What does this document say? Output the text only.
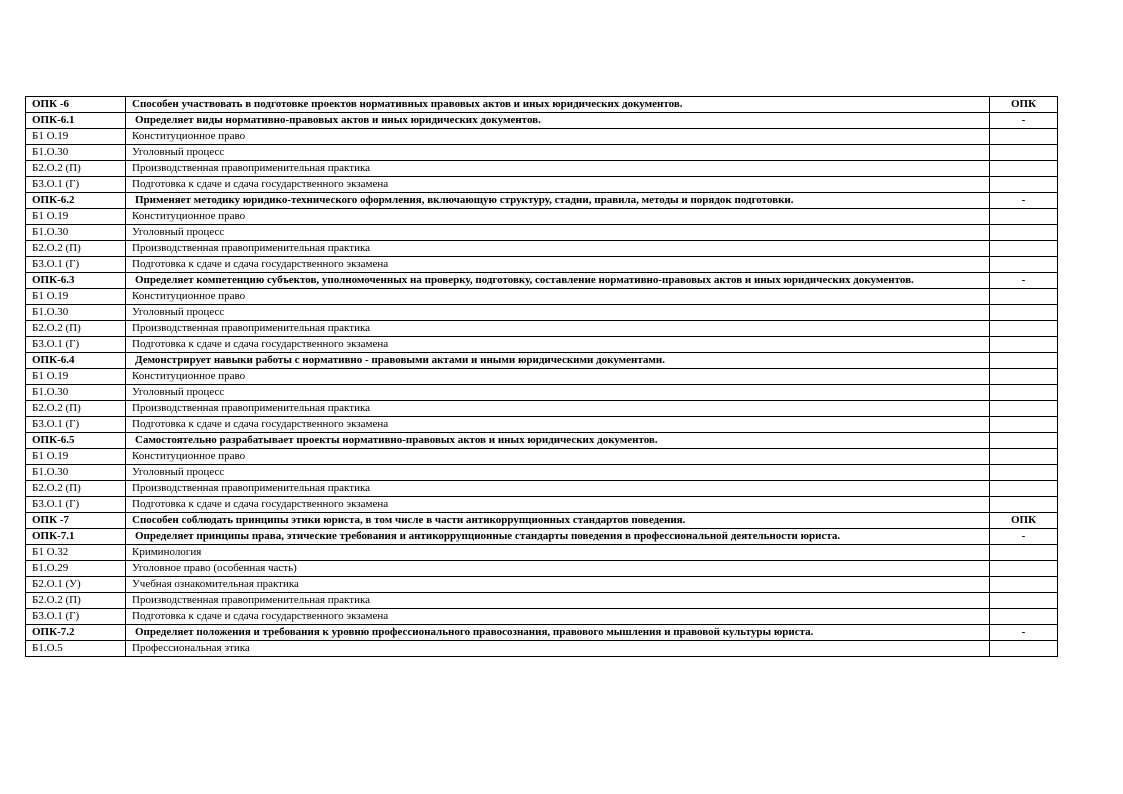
ОПК -6	Способен участвовать в подготовке проектов нормативных правовых актов и иных юридических документов.	ОПК
ОПК-6.1	Определяет виды нормативно-правовых актов и иных юридических документов.	-
Б1 О.19	Конституционное право	
Б1.О.30	Уголовный процесс	
Б2.О.2 (П)	Производственная правоприменительная практика	
Б3.О.1 (Г)	Подготовка к сдаче и сдача государственного экзамена	
ОПК-6.2	Применяет методику юридико-технического оформления, включающую структуру, стадии, правила, методы и порядок подготовки.	-
Б1 О.19	Конституционное право	
Б1.О.30	Уголовный процесс	
Б2.О.2 (П)	Производственная правоприменительная практика	
Б3.О.1 (Г)	Подготовка к сдаче и сдача государственного экзамена	
ОПК-6.3	Определяет компетенцию субъектов, уполномоченных на проверку, подготовку, составление нормативно-правовых актов и иных юридических документов.	-
Б1 О.19	Конституционное право	
Б1.О.30	Уголовный процесс	
Б2.О.2 (П)	Производственная правоприменительная практика	
Б3.О.1 (Г)	Подготовка к сдаче и сдача государственного экзамена	
ОПК-6.4	Демонстрирует навыки работы с нормативно - правовыми актами и иными юридическими документами.	
Б1 О.19	Конституционное право	
Б1.О.30	Уголовный процесс	
Б2.О.2 (П)	Производственная правоприменительная практика	
Б3.О.1 (Г)	Подготовка к сдаче и сдача государственного экзамена	
ОПК-6.5	Самостоятельно разрабатывает проекты нормативно-правовых актов и иных юридических документов.	
Б1 О.19	Конституционное право	
Б1.О.30	Уголовный процесс	
Б2.О.2 (П)	Производственная правоприменительная практика	
Б3.О.1 (Г)	Подготовка к сдаче и сдача государственного экзамена	
ОПК -7	Способен соблюдать принципы этики юриста, в том числе в части антикоррупционных стандартов поведения.	ОПК
ОПК-7.1	Определяет принципы права, этические требования и антикоррупционные стандарты поведения в профессиональной деятельности юриста.	-
Б1 О.32	Криминология	
Б1.О.29	Уголовное право (особенная часть)	
Б2.О.1 (У)	Учебная ознакомительная практика	
Б2.О.2 (П)	Производственная правоприменительная практика	
Б3.О.1 (Г)	Подготовка к сдаче и сдача государственного экзамена	
ОПК-7.2	Определяет положения и требования к уровню профессионального правосознания, правового мышления и правовой культуры юриста.	-
Б1.О.5	Профессиональная этика	
